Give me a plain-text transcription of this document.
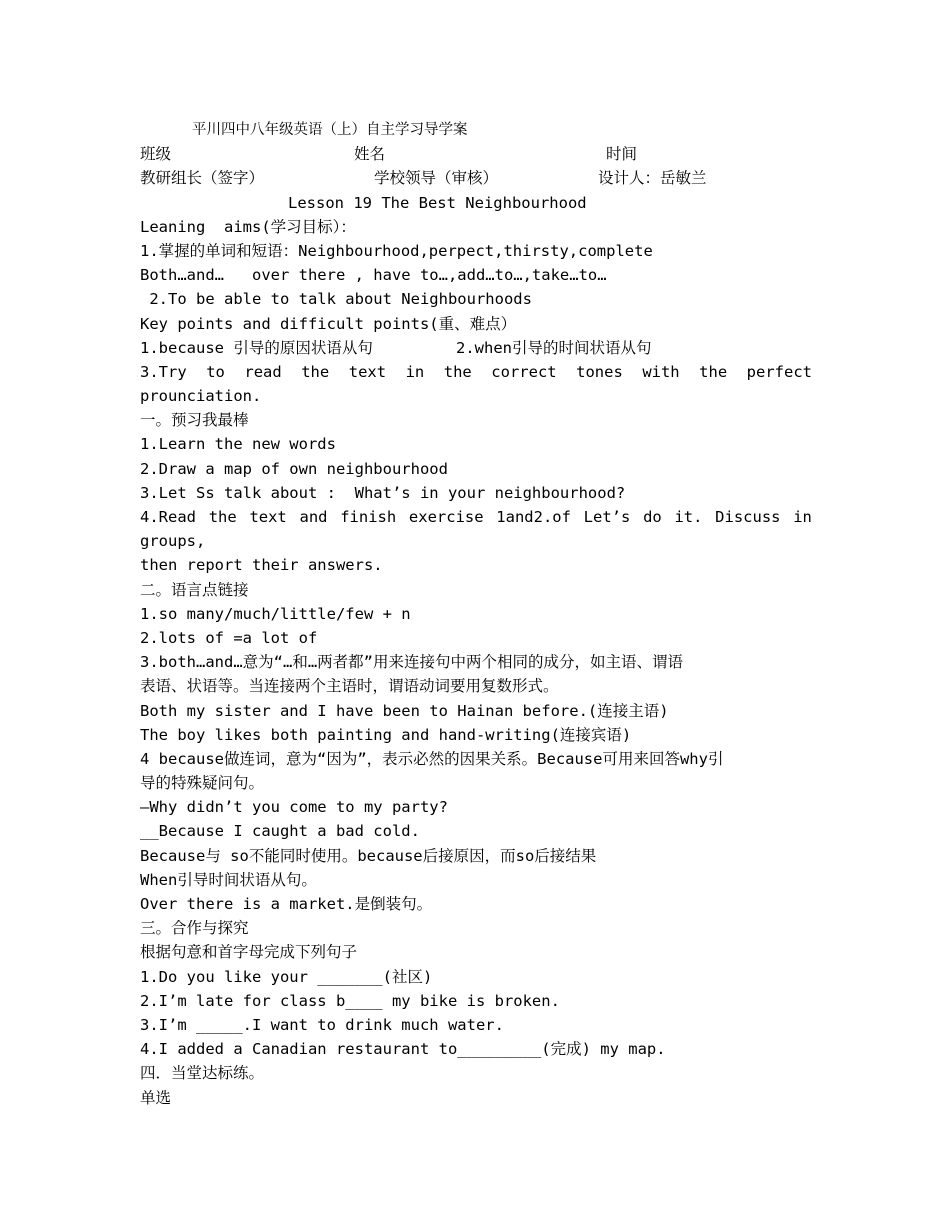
平川四中八年级英语（上）自主学习导学案
班级	姓名	时间
教研组长（签字）	学校领导（审核）	设计人：岳敏兰
Lesson 19 The Best Neighbourhood
Leaning  aims(学习目标）：
1.掌握的单词和短语：Neighbourhood,perpect,thirsty,complete
Both…and…   over there , have to…,add…to…,take…to…
2.To be able to talk about Neighbourhoods
Key points and difficult points(重、难点）
1.because 引导的原因状语从句	2.when引导的时间状语从句
3.Try to read the text in the correct tones with the perfect
prounciation.
一。预习我最棒
1.Learn the new words
2.Draw a map of own neighbourhood
3.Let Ss talk about :  What’s in your neighbourhood?
4.Read the text and finish exercise 1and2.of Let’s do it. Discuss in
groups,
then report their answers.
二。语言点链接
1.so many/much/little/few + n
2.lots of =a lot of
3.both…and…意为“…和…两者都”用来连接句中两个相同的成分，如主语、谓语
表语、状语等。当连接两个主语时，谓语动词要用复数形式。
Both my sister and I have been to Hainan before.(连接主语)
The boy likes both painting and hand-writing(连接宾语)
4 because做连词，意为“因为”，表示必然的因果关系。Because可用来回答why引
导的特殊疑问句。
—Why didn’t you come to my party?
__Because I caught a bad cold.
Because与 so不能同时使用。because后接原因，而so后接结果
When引导时间状语从句。
Over there is a market.是倒装句。
三。合作与探究
根据句意和首字母完成下列句子
1.Do you like your _______(社区)
2.I’m late for class b____ my bike is broken.
3.I’m _____.I want to drink much water.
4.I added a Canadian restaurant to_________(完成) my map.
四．当堂达标练。
单选
